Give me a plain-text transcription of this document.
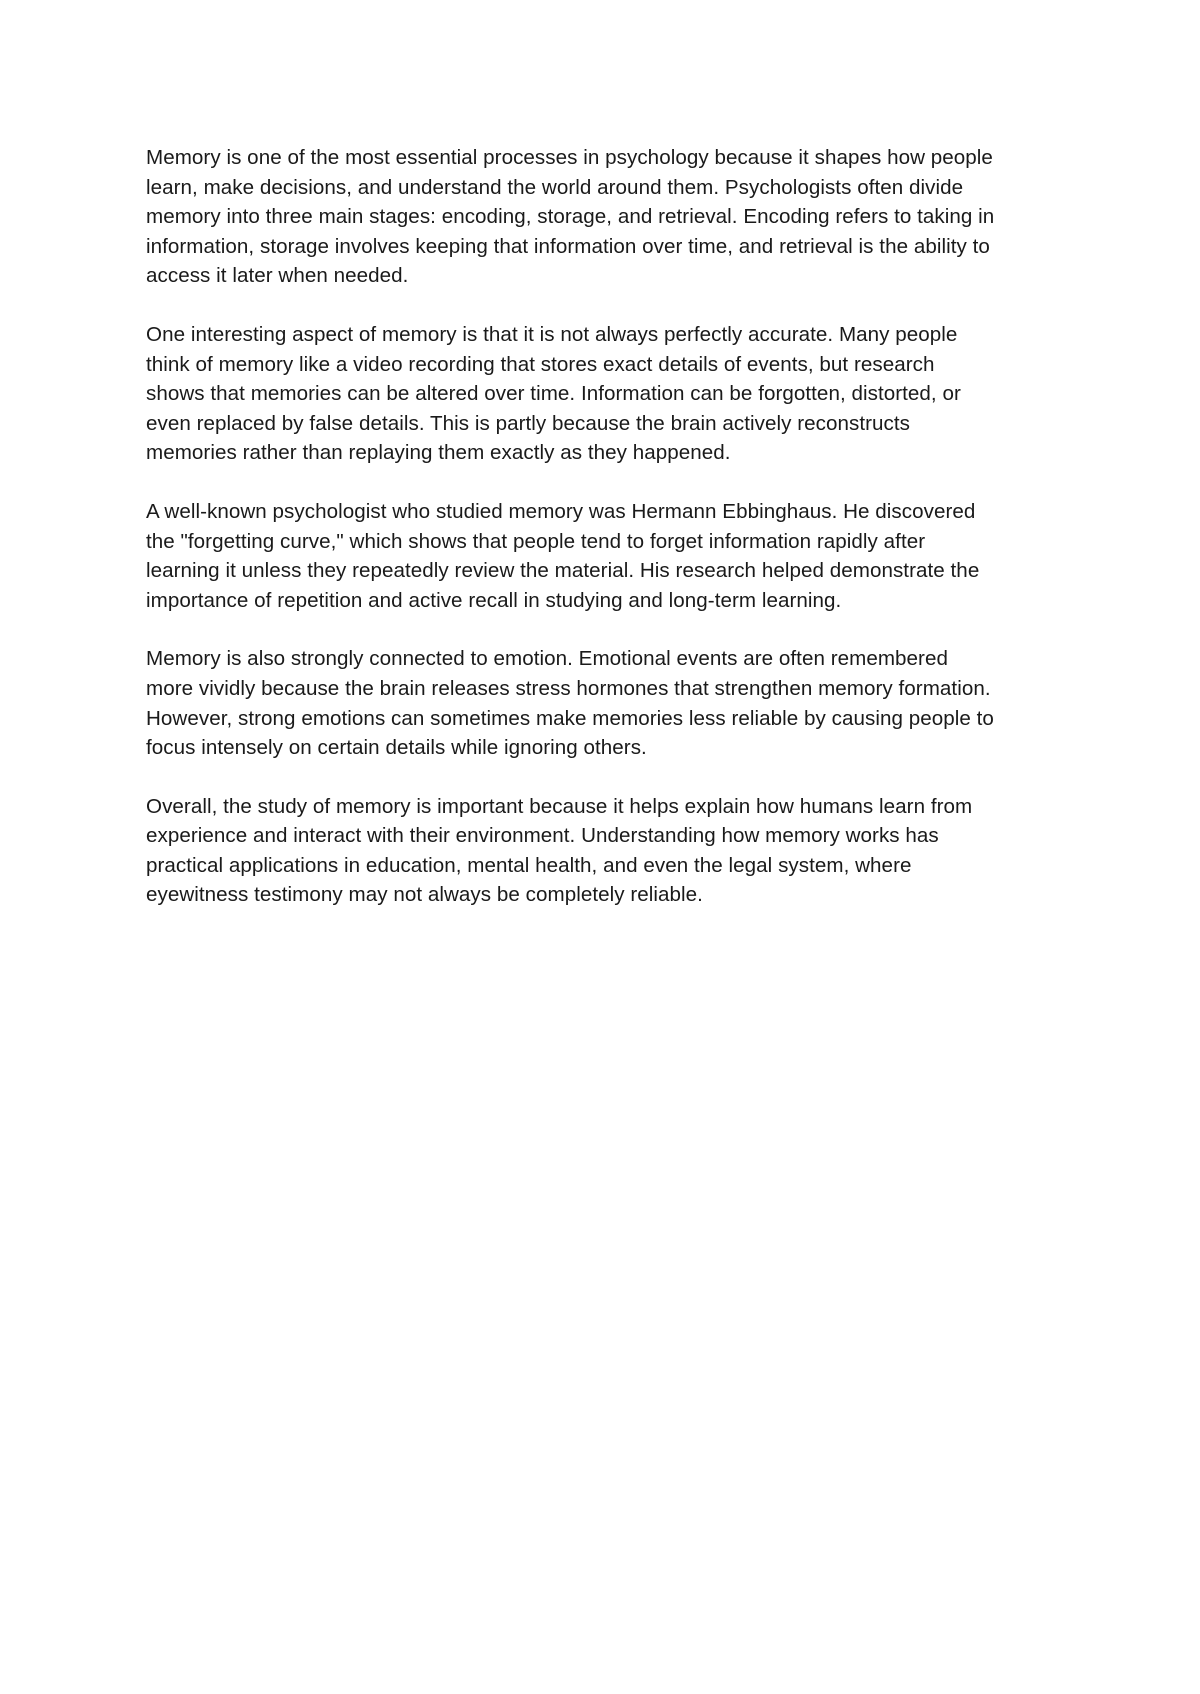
Memory is one of the most essential processes in psychology because it shapes how people
learn, make decisions, and understand the world around them. Psychologists often divide
memory into three main stages: encoding, storage, and retrieval. Encoding refers to taking in
information, storage involves keeping that information over time, and retrieval is the ability to
access it later when needed.

One interesting aspect of memory is that it is not always perfectly accurate. Many people
think of memory like a video recording that stores exact details of events, but research
shows that memories can be altered over time. Information can be forgotten, distorted, or
even replaced by false details. This is partly because the brain actively reconstructs
memories rather than replaying them exactly as they happened.

A well-known psychologist who studied memory was Hermann Ebbinghaus. He discovered
the "forgetting curve," which shows that people tend to forget information rapidly after
learning it unless they repeatedly review the material. His research helped demonstrate the
importance of repetition and active recall in studying and long-term learning.

Memory is also strongly connected to emotion. Emotional events are often remembered
more vividly because the brain releases stress hormones that strengthen memory formation.
However, strong emotions can sometimes make memories less reliable by causing people to
focus intensely on certain details while ignoring others.

Overall, the study of memory is important because it helps explain how humans learn from
experience and interact with their environment. Understanding how memory works has
practical applications in education, mental health, and even the legal system, where
eyewitness testimony may not always be completely reliable.
